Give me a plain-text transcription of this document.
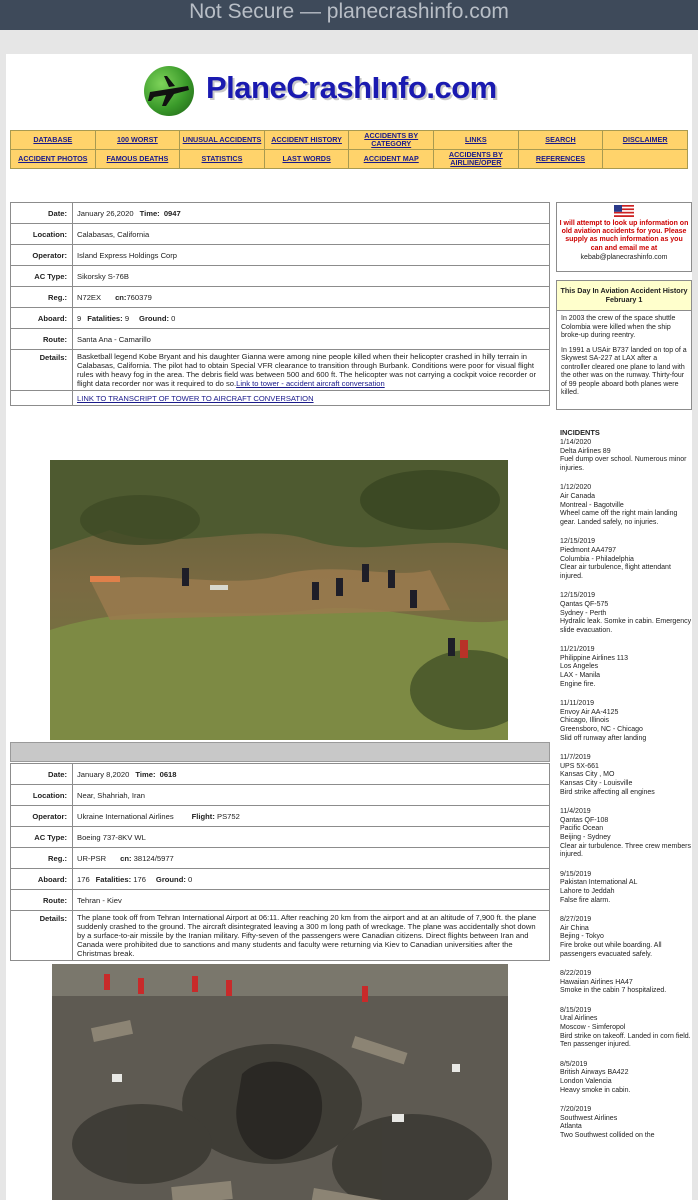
Not Secure — planecrashinfo.com
PlaneCrashInfo.com
DATABASE	100 WORST	UNUSUAL ACCIDENTS	ACCIDENT HISTORY	ACCIDENTS BY CATEGORY	LINKS	SEARCH	DISCLAIMER
ACCIDENT PHOTOS	FAMOUS DEATHS	STATISTICS	LAST WORDS	ACCIDENT MAP	ACCIDENTS BY AIRLINE/OPER	REFERENCES	
Date:	January 26,2020 Time: 0947
Location:	Calabasas, California
Operator:	Island Express Holdings Corp
AC Type:	Sikorsky S-76B
Reg.:	N72EX cn:760379
Aboard:	9 Fatalities: 9 Ground: 0
Route:	Santa Ana - Camarillo
Details:	Basketball legend Kobe Bryant and his daughter Gianna were among nine people killed when their helicopter crashed in hilly terrain in Calabasas, California. The pilot had to obtain Special VFR clearance to transition through Burbank. Conditions were poor for visual flight rules with heavy fog in the area. The debris field was between 500 and 600 ft. The helicopter was not carrying a cockpit voice recorder or flight data recorder nor was it required to do so.Link to tower - accident aircraft conversation
	LINK TO TRANSCRIPT OF TOWER TO AIRCRAFT CONVERSATION
Date:	January 8,2020 Time: 0618
Location:	Near, Shahriah, Iran
Operator:	Ukraine International Airlines Flight: PS752
AC Type:	Boeing 737-8KV WL
Reg.:	UR-PSR cn: 38124/5977
Aboard:	176 Fatalities: 176 Ground: 0
Route:	Tehran - Kiev
Details:	The plane took off from Tehran International Airport at 06:11. After reaching 20 km from the airport and at an altitude of 7,900 ft. the plane suddenly crashed to the ground. The aircraft disintegrated leaving a 300 m long path of wreckage. The plane was accidentally shot down by a surface-to-air missile by the Iranian military. Fifty-seven of the passengers were Canadian citizens. Direct flights between Iran and Canada were prohibited due to sanctions and many students and faculty were returning via Kiev to Canadian universities after the Christmas break.
I will attempt to look up information on old aviation accidents for you. Please supply as much information as you can and email me at
kebab@planecrashinfo.com
This Day In Aviation Accident History February 1

In 2003 the crew of the space shuttle Colombia were killed when the ship broke-up during reentry.

In 1991 a USAir B737 landed on top of a Skywest SA-227 at LAX after a controller cleared one plane to land with the other was on the runway. Thirty-four of 99 people aboard both planes were killed.

INCIDENTS
1/14/2020
Delta Airlines 89
Fuel dump over school. Numerous minor injuries.
1/12/2020
Air Canada
Montreal - Bagotville
Wheel came off the right main landing gear. Landed safely, no injuries.
12/15/2019
Piedmont AA4797
Columbia - Philadelphia
Clear air turbulence, flight attendant injured.
12/15/2019
Qantas QF-575
Sydney - Perth
Hydralic leak. Somke in cabin. Emergency slide evacuation.
11/21/2019
Philippine Airlines 113
Los Angeles
LAX - Manila
Engine fire.
11/11/2019
Envoy Air AA-4125
Chicago, Illinois
Greensboro, NC - Chicago
Slid off runway after landing
11/7/2019
UPS 5X-661
Kansas City , MO
Kansas City - Louisville
Bird strike affecting all engines
11/4/2019
Qantas QF-108
Pacific Ocean
Beijing - Sydney
Clear air turbulence. Three crew members injured.
9/15/2019
Pakistan International AL
Lahore to Jeddah
False fire alarm.
8/27/2019
Air China
Bejing - Tokyo
Fire broke out while boarding. All passengers evacuated safely.
8/22/2019
Hawaiian Airlines HA47
Smoke in the cabin 7 hospitalized.
8/15/2019
Ural Airlines
Moscow - Simferopol
Bird strike on takeoff. Landed in corn field. Ten passenger injured.
8/5/2019
British Airways BA422
London Valencia
Heavy smoke in cabin.
7/20/2019
Southwest Airlines
Atlanta
Two Southwest collided on the
